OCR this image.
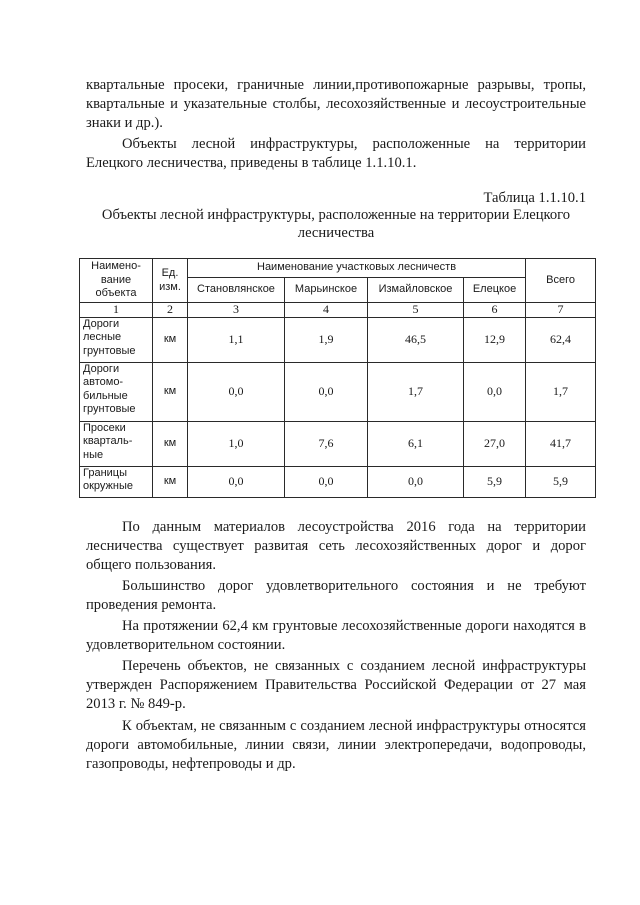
квартальные просеки, граничные линии,противопожарные разрывы, тропы, квартальные и указательные столбы, лесохозяйственные и лесоустроительные знаки и др.).

Объекты лесной инфраструктуры, расположенные на территории Елецкого лесничества, приведены в таблице 1.1.10.1.

Таблица 1.1.10.1

Объекты лесной инфраструктуры, расположенные на территории Елецкого лесничества

Наимено-вание объекта	Ед. изм.	Наименование участковых лесничеств				Всего
		Становлянское	Марьинское	Измайловское	Елецкое	
1	2	3	4	5	6	7
Дороги лесные грунтовые	км	1,1	1,9	46,5	12,9	62,4
Дороги автомо-бильные грунтовые	км	0,0	0,0	1,7	0,0	1,7
Просеки кварталь-ные	км	1,0	7,6	6,1	27,0	41,7
Границы окружные	км	0,0	0,0	0,0	5,9	5,9

По данным материалов лесоустройства 2016 года на территории лесничества существует развитая сеть лесохозяйственных дорог и дорог общего пользования.

Большинство дорог удовлетворительного состояния и не требуют проведения ремонта.

На протяжении 62,4 км грунтовые лесохозяйственные дороги находятся в удовлетворительном состоянии.

Перечень объектов, не связанных с созданием лесной инфраструктуры утвержден Распоряжением Правительства Российской Федерации от 27 мая 2013 г. № 849-р.

К объектам, не связанным с созданием лесной инфраструктуры относятся дороги автомобильные, линии связи, линии электропередачи, водопроводы, газопроводы, нефтепроводы и др.
